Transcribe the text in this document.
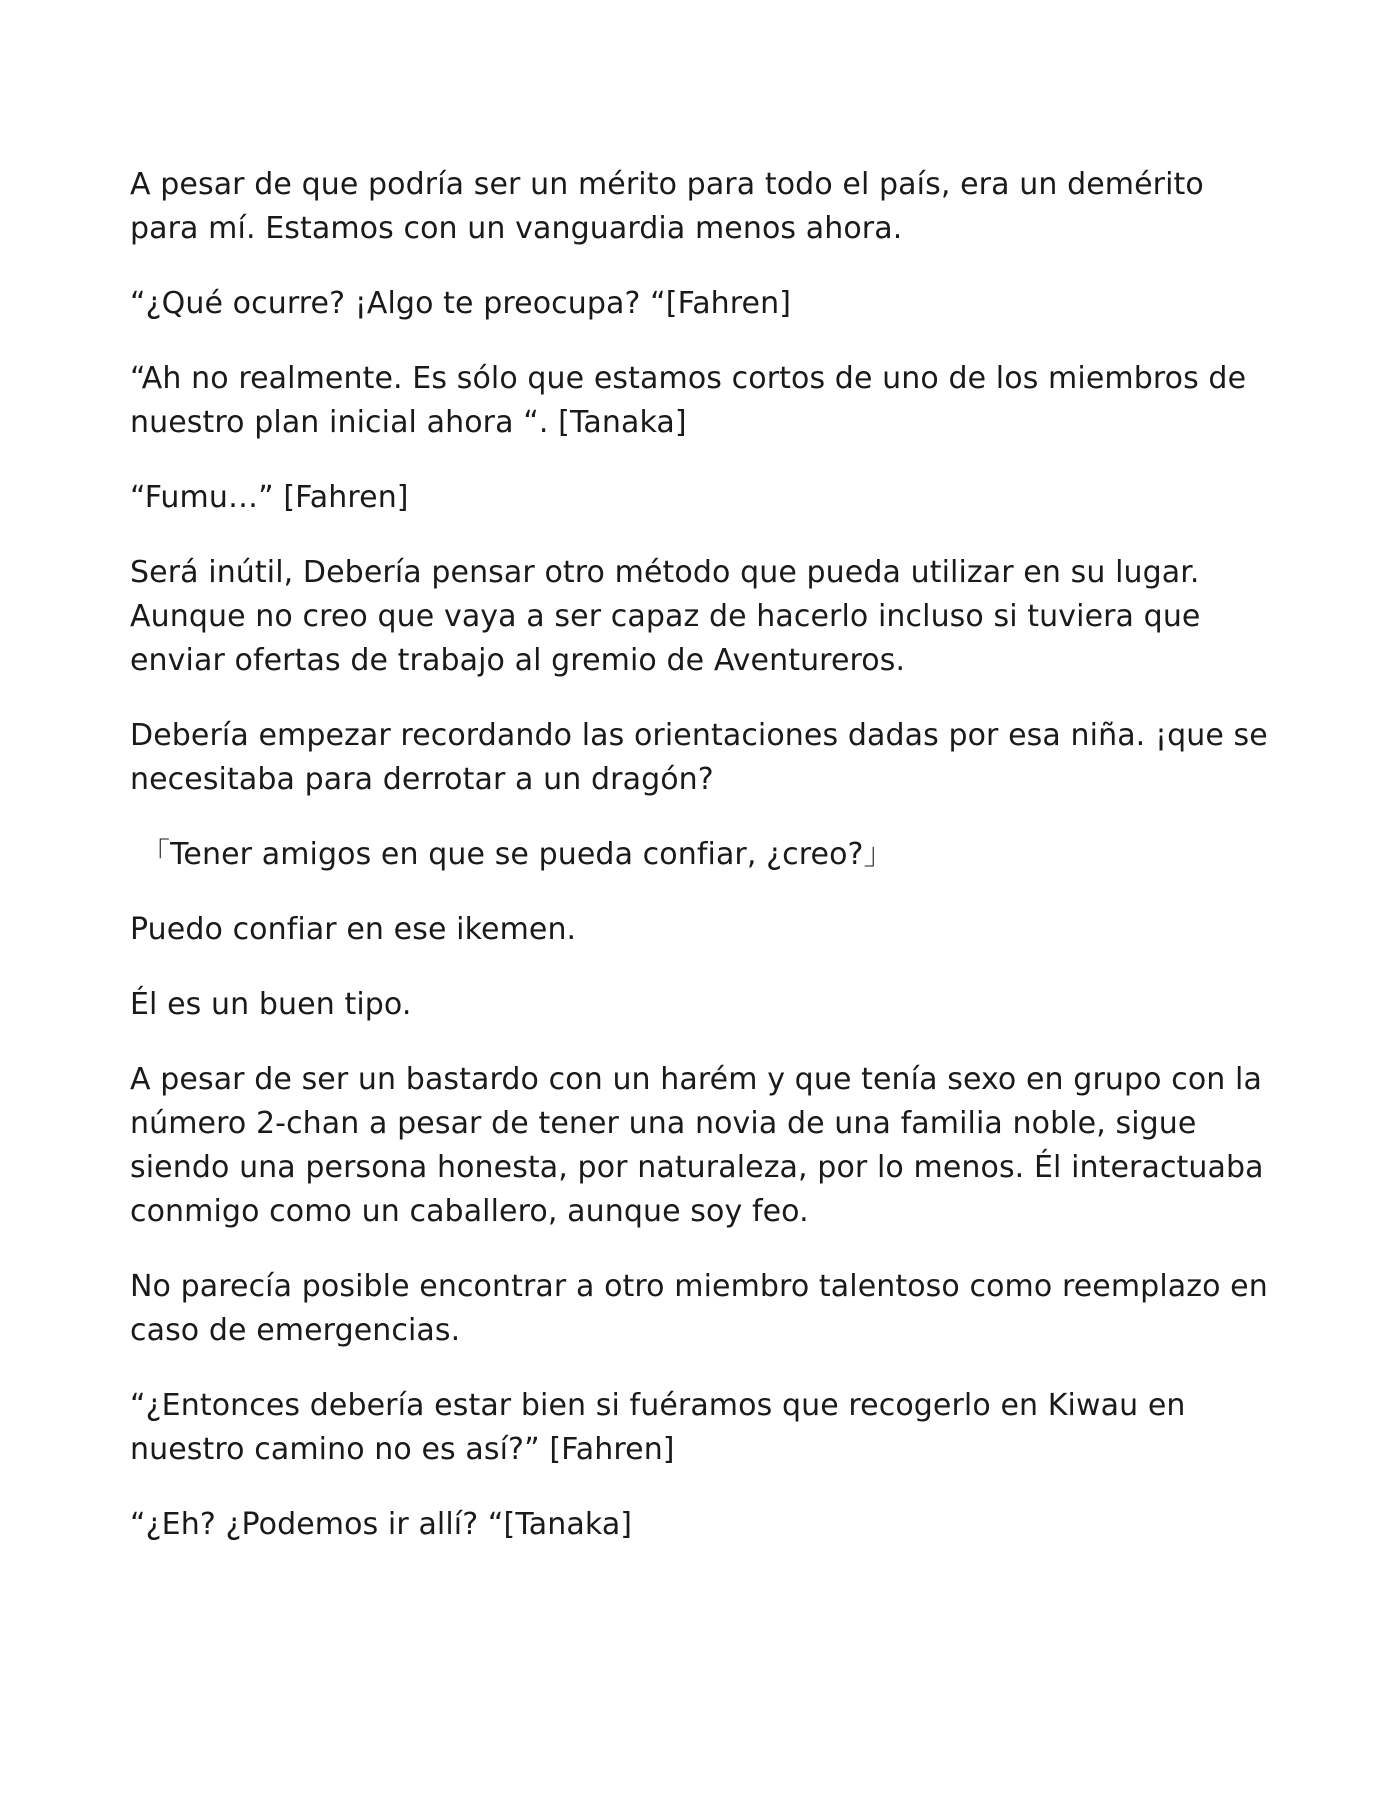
A pesar de que podría ser un mérito para todo el país, era un demérito para mí. Estamos con un vanguardia menos ahora.

“¿Qué ocurre? ¡Algo te preocupa? “[Fahren]

“Ah no realmente. Es sólo que estamos cortos de uno de los miembros de nuestro plan inicial ahora “. [Tanaka]

“Fumu…” [Fahren]

Será inútil, Debería pensar otro método que pueda utilizar en su lugar. Aunque no creo que vaya a ser capaz de hacerlo incluso si tuviera que enviar ofertas de trabajo al gremio de Aventureros.

Debería empezar recordando las orientaciones dadas por esa niña. ¡que se necesitaba para derrotar a un dragón?

「Tener amigos en que se pueda confiar, ¿creo?」

Puedo confiar en ese ikemen.

Él es un buen tipo.

A pesar de ser un bastardo con un harém y que tenía sexo en grupo con la número 2-chan a pesar de tener una novia de una familia noble, sigue siendo una persona honesta, por naturaleza, por lo menos. Él interactuaba conmigo como un caballero, aunque soy feo.

No parecía posible encontrar a otro miembro talentoso como reemplazo en caso de emergencias.

“¿Entonces debería estar bien si fuéramos que recogerlo en Kiwau en nuestro camino no es así?” [Fahren]

“¿Eh? ¿Podemos ir allí? “[Tanaka]
